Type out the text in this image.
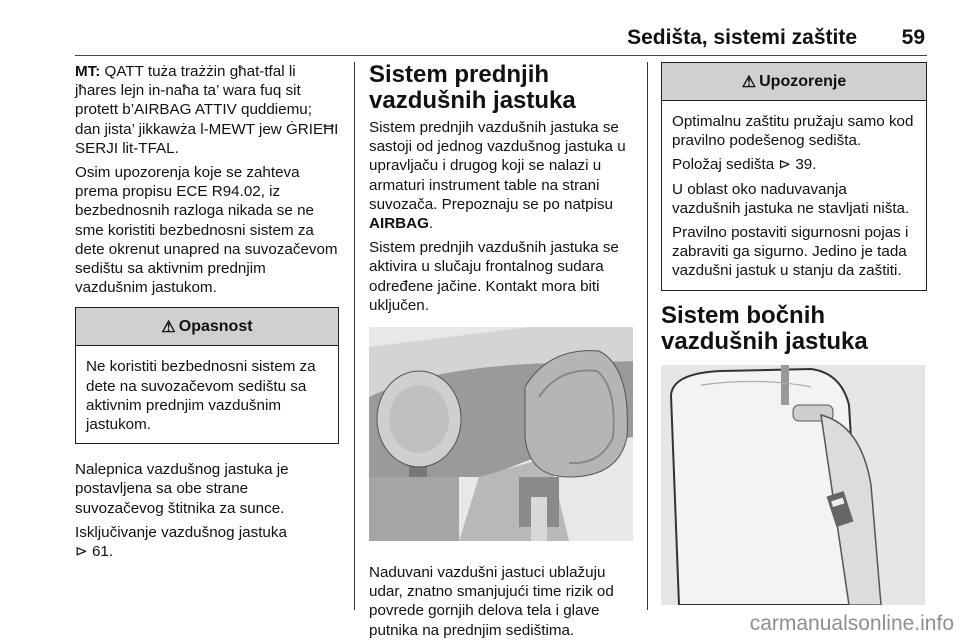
Sedišta, sistemi zaštite 59

MT: QATT tuża trażżin għat-tfal li jħares lejn in-naħa ta’ wara fuq sit protett b’AIRBAG ATTIV quddiemu; dan jista’ jikkawża l-MEWT jew ĠRIEĦI SERJI lit-TFAL.

Osim upozorenja koje se zahteva prema propisu ECE R94.02, iz bezbednosnih razloga nikada se ne sme koristiti bezbednosni sistem za dete okrenut unapred na suvozačevom sedištu sa aktivnim prednjim vazdušnim jastukom.

⚠ Opasnost

Ne koristiti bezbednosni sistem za dete na suvozačevom sedištu sa aktivnim prednjim vazdušnim jastukom.

Nalepnica vazdušnog jastuka je postavljena sa obe strane suvozačevog štitnika za sunce.

Isključivanje vazdušnog jastuka

⊳ 61.

Sistem prednjih vazdušnih jastuka

Sistem prednjih vazdušnih jastuka se sastoji od jednog vazdušnog jastuka u upravljaču i drugog koji se nalazi u armaturi instrument table na strani suvozača. Prepoznaju se po natpisu
AIRBAG.

Sistem prednjih vazdušnih jastuka se aktivira u slučaju frontalnog sudara određene jačine. Kontakt mora biti uključen.

Naduvani vazdušni jastuci ublažuju udar, znatno smanjujući time rizik od povrede gornjih delova tela i glave putnika na prednjim sedištima.

⚠ Upozorenje

Optimalnu zaštitu pružaju samo kod pravilno podešenog sedišta.

Položaj sedišta ⊳ 39.

U oblast oko naduvavanja vazdušnih jastuka ne stavljati ništa.

Pravilno postaviti sigurnosni pojas i zabraviti ga sigurno. Jedino je tada vazdušni jastuk u stanju da zaštiti.

Sistem bočnih vazdušnih jastuka
carmanualsonline.info
